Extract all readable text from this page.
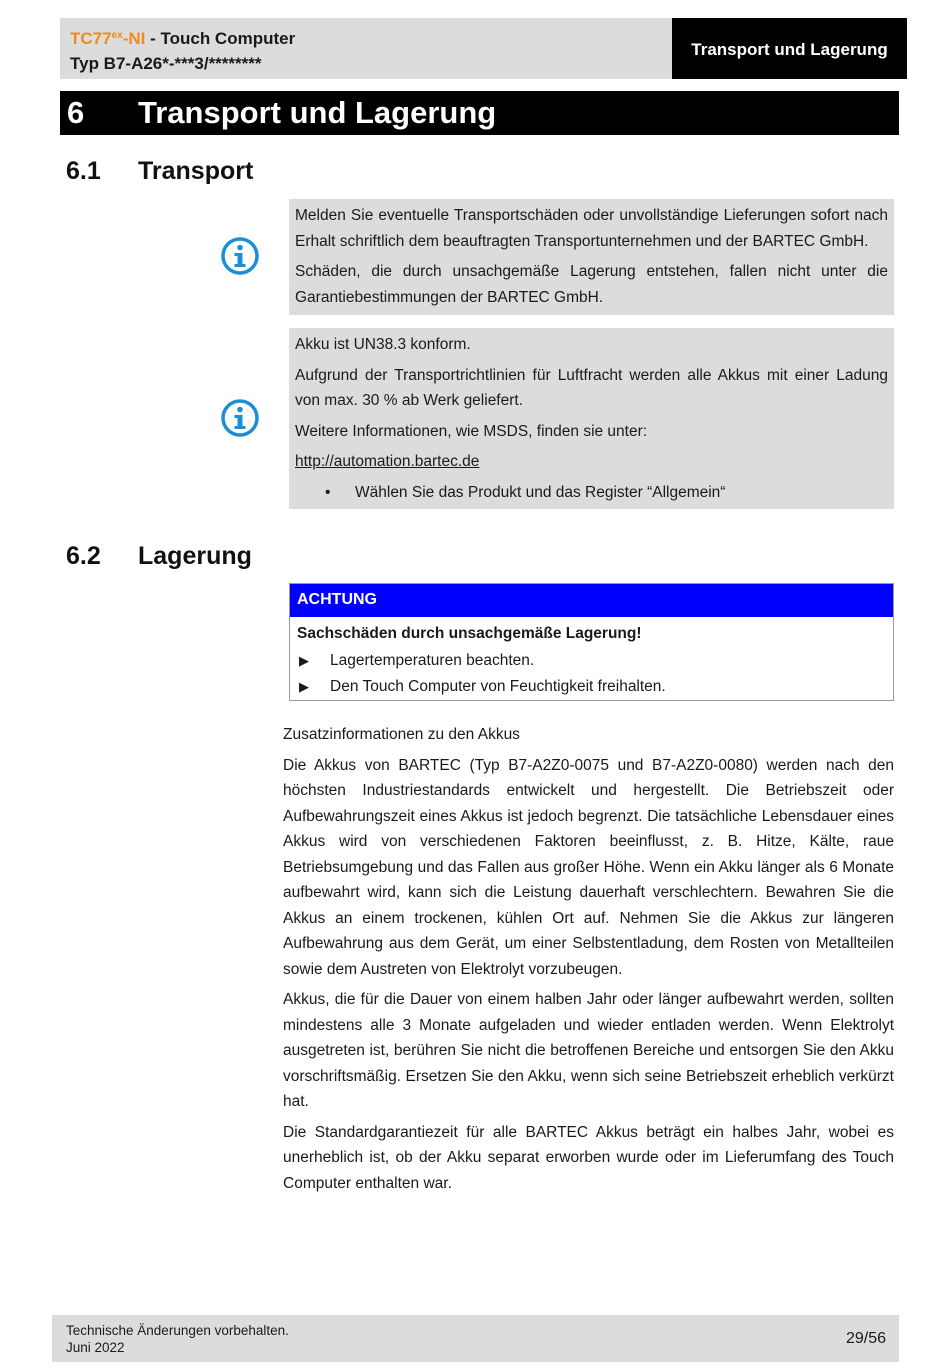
$TC77^{ex}-NI$ - Touch Computer
Typ B7-A26*-***3/********
Transport und Lagerung
6 Transport und Lagerung
6.1 Transport

Melden Sie eventuelle Transportschäden oder unvollständige Lieferungen sofort nach Erhalt schriftlich dem beauftragten Transportunternehmen und der BARTEC GmbH.

Schäden, die durch unsachgemäße Lagerung entstehen, fallen nicht unter die Garantiebestimmungen der BARTEC GmbH.

Akku ist UN38.3 konform.

Aufgrund der Transportrichtlinien für Luftfracht werden alle Akkus mit einer Ladung von max. 30 % ab Werk geliefert.

Weitere Informationen, wie MSDS, finden sie unter:

http://automation.bartec.de

•	Wählen Sie das Produkt und das Register “Allgemein“
6.2 Lagerung
ACHTUNG
Sachschäden durch unsachgemäße Lagerung!
▶	Lagertemperaturen beachten.
▶	Den Touch Computer von Feuchtigkeit freihalten.

Zusatzinformationen zu den Akkus

Die Akkus von BARTEC (Typ B7-A2Z0-0075 und B7-A2Z0-0080) werden nach den höchsten Industriestandards entwickelt und hergestellt. Die Betriebszeit oder Aufbewahrungszeit eines Akkus ist jedoch begrenzt. Die tatsächliche Lebensdauer eines Akkus wird von verschiedenen Faktoren beeinflusst, z. B. Hitze, Kälte, raue Betriebsumgebung und das Fallen aus großer Höhe. Wenn ein Akku länger als 6 Monate aufbewahrt wird, kann sich die Leistung dauerhaft verschlechtern. Bewahren Sie die Akkus an einem trockenen, kühlen Ort auf. Nehmen Sie die Akkus zur längeren Aufbewahrung aus dem Gerät, um einer Selbstentladung, dem Rosten von Metallteilen sowie dem Austreten von Elektrolyt vorzubeugen.

Akkus, die für die Dauer von einem halben Jahr oder länger aufbewahrt werden, sollten mindestens alle 3 Monate aufgeladen und wieder entladen werden. Wenn Elektrolyt ausgetreten ist, berühren Sie nicht die betroffenen Bereiche und entsorgen Sie den Akku vorschriftsmäßig. Ersetzen Sie den Akku, wenn sich seine Betriebszeit erheblich verkürzt hat.

Die Standardgarantiezeit für alle BARTEC Akkus beträgt ein halbes Jahr, wobei es unerheblich ist, ob der Akku separat erworben wurde oder im Lieferumfang des Touch Computer enthalten war.

Technische Änderungen vorbehalten.
Juni 2022
29/56
